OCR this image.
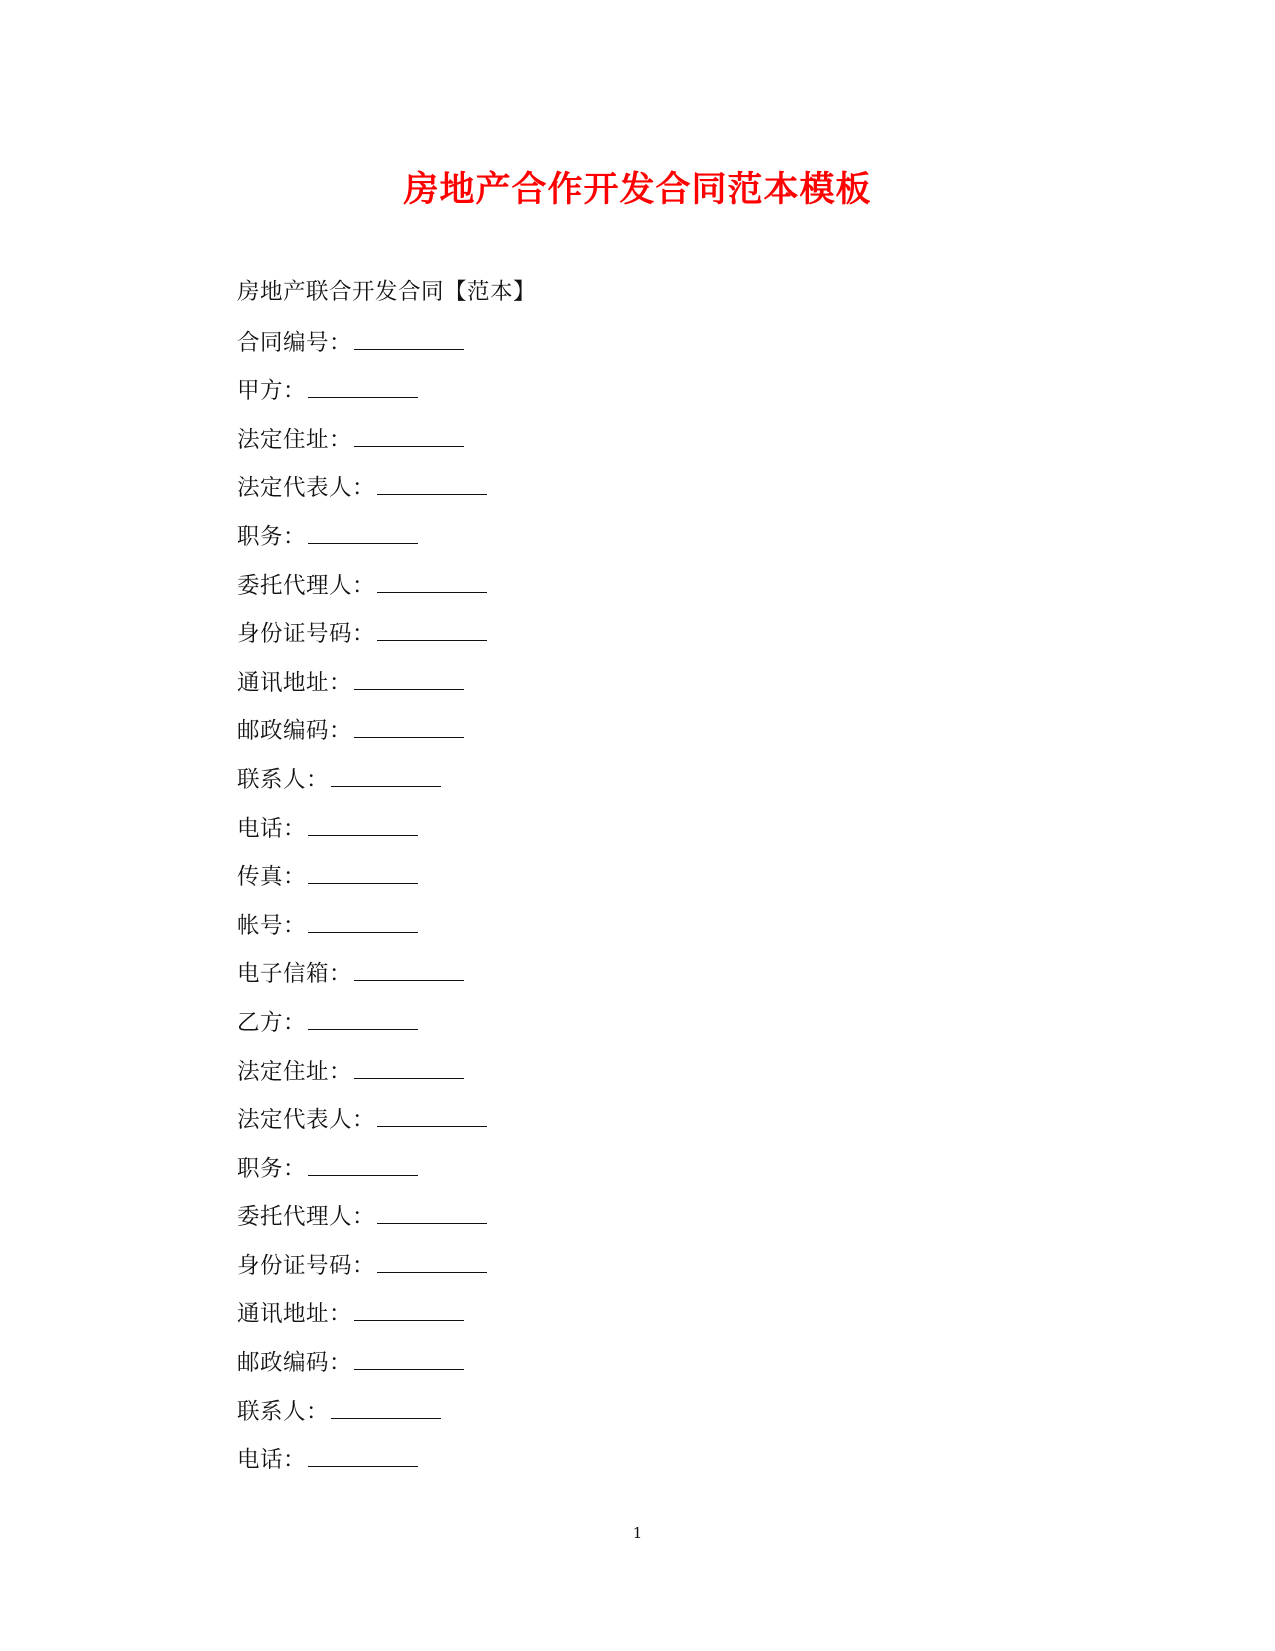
房地产合作开发合同范本模板
房地产联合开发合同【范本】
合同编号：
甲方：
法定住址：
法定代表人：
职务：
委托代理人：
身份证号码：
通讯地址：
邮政编码：
联系人：
电话：
传真：
帐号：
电子信箱：
乙方：
法定住址：
法定代表人：
职务：
委托代理人：
身份证号码：
通讯地址：
邮政编码：
联系人：
电话：
1
